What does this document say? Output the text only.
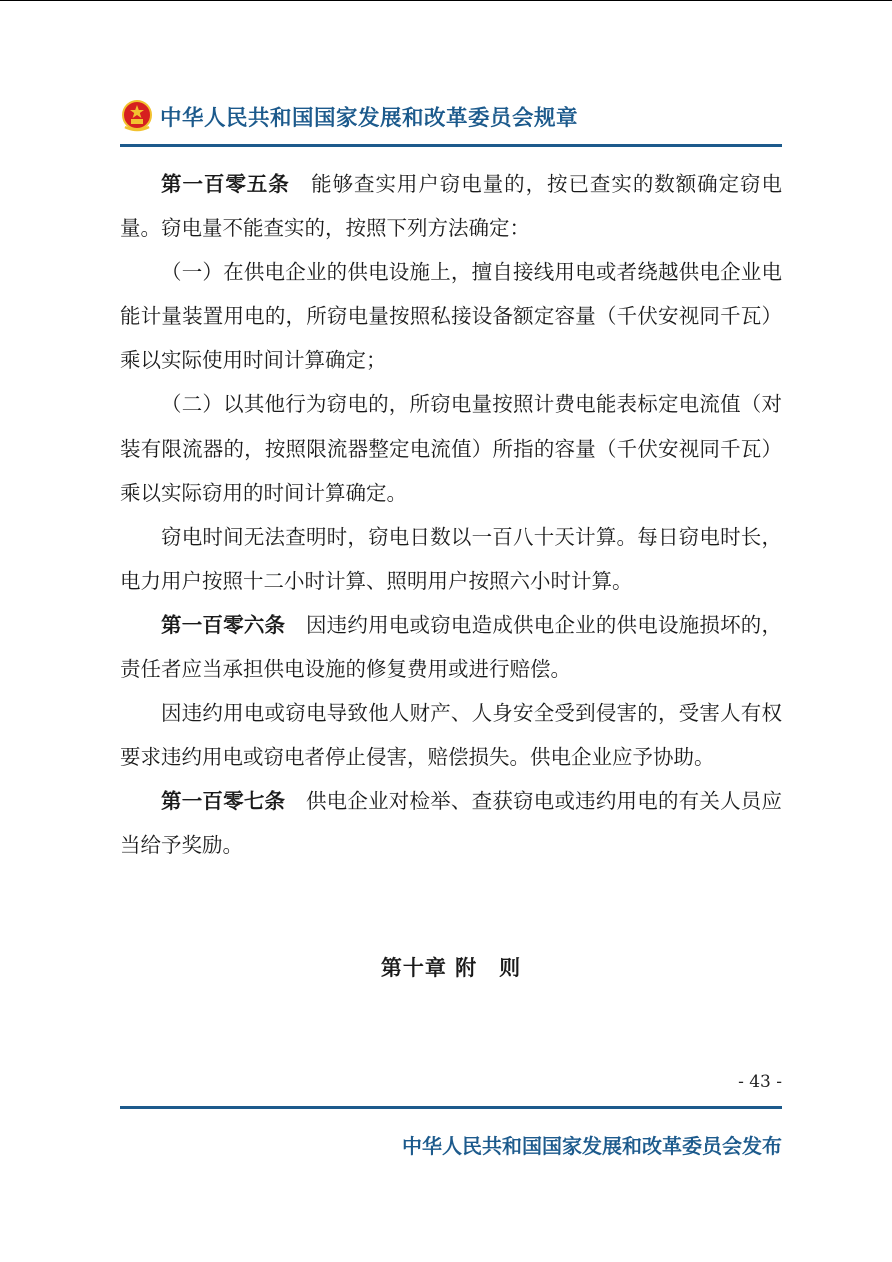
中华人民共和国国家发展和改革委员会规章

第一百零五条 能够查实用户窃电量的，按已查实的数额确定窃电量。窃电量不能查实的，按照下列方法确定：

（一）在供电企业的供电设施上，擅自接线用电或者绕越供电企业电能计量装置用电的，所窃电量按照私接设备额定容量（千伏安视同千瓦）乘以实际使用时间计算确定；

（二）以其他行为窃电的，所窃电量按照计费电能表标定电流值（对装有限流器的，按照限流器整定电流值）所指的容量（千伏安视同千瓦）乘以实际窃用的时间计算确定。

窃电时间无法查明时，窃电日数以一百八十天计算。每日窃电时长，电力用户按照十二小时计算、照明用户按照六小时计算。

第一百零六条 因违约用电或窃电造成供电企业的供电设施损坏的，责任者应当承担供电设施的修复费用或进行赔偿。

因违约用电或窃电导致他人财产、人身安全受到侵害的，受害人有权要求违约用电或窃电者停止侵害，赔偿损失。供电企业应予协助。

第一百零七条 供电企业对检举、查获窃电或违约用电的有关人员应当给予奖励。

第十章 附　则
- 43 -
中华人民共和国国家发展和改革委员会发布
